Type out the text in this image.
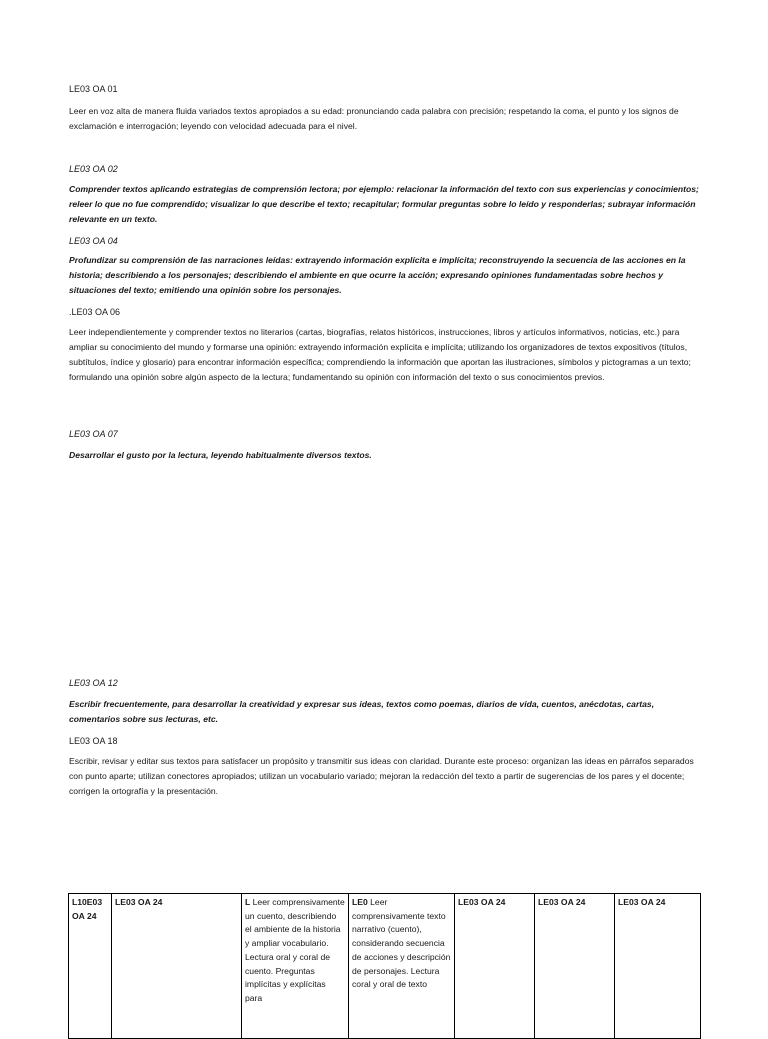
LE03 OA 01
Leer en voz alta de manera fluida variados textos apropiados a su edad: pronunciando cada palabra con precisión; respetando la coma, el punto y los signos de exclamación e interrogación; leyendo con velocidad adecuada para el nivel.
LE03 OA 02
Comprender textos aplicando estrategias de comprensión lectora; por ejemplo: relacionar la información del texto con sus experiencias y conocimientos; releer lo que no fue comprendido; visualizar lo que describe el texto; recapitular; formular preguntas sobre lo leído y responderlas; subrayar información relevante en un texto.
LE03 OA 04
Profundizar su comprensión de las narraciones leídas: extrayendo información explícita e implícita; reconstruyendo la secuencia de las acciones en la historia; describiendo a los personajes; describiendo el ambiente en que ocurre la acción; expresando opiniones fundamentadas sobre hechos y situaciones del texto; emitiendo una opinión sobre los personajes.
.LE03 OA 06
Leer independientemente y comprender textos no literarios (cartas, biografías, relatos históricos, instrucciones, libros y artículos informativos, noticias, etc.) para ampliar su conocimiento del mundo y formarse una opinión: extrayendo información explícita e implícita; utilizando los organizadores de textos expositivos (títulos, subtítulos, índice y glosario) para encontrar información específica; comprendiendo la información que aportan las ilustraciones, símbolos y pictogramas a un texto; formulando una opinión sobre algún aspecto de la lectura; fundamentando su opinión con información del texto o sus conocimientos previos.
LE03 OA 07
Desarrollar el gusto por la lectura, leyendo habitualmente diversos textos.
LE03 OA 12
Escribir frecuentemente, para desarrollar la creatividad y expresar sus ideas, textos como poemas, diarios de vida, cuentos, anécdotas, cartas, comentarios sobre sus lecturas, etc.
LE03 OA 18
Escribir, revisar y editar sus textos para satisfacer un propósito y transmitir sus ideas con claridad. Durante este proceso: organizan las ideas en párrafos separados con punto aparte; utilizan conectores apropiados; utilizan un vocabulario variado; mejoran la redacción del texto a partir de sugerencias de los pares y el docente; corrigen la ortografía y la presentación.
L10E03 OA 24	LE03 OA 24	L Leer comprensivamente un cuento, describiendo el ambiente de la historia y ampliar vocabulario. Lectura oral y coral de cuento. Preguntas implícitas y explícitas para	LE0 Leer comprensivamente texto narrativo (cuento), considerando secuencia de acciones y descripción de personajes. Lectura coral y oral de texto	LE03 OA 24	LE03 OA 24	LE03 OA 24
